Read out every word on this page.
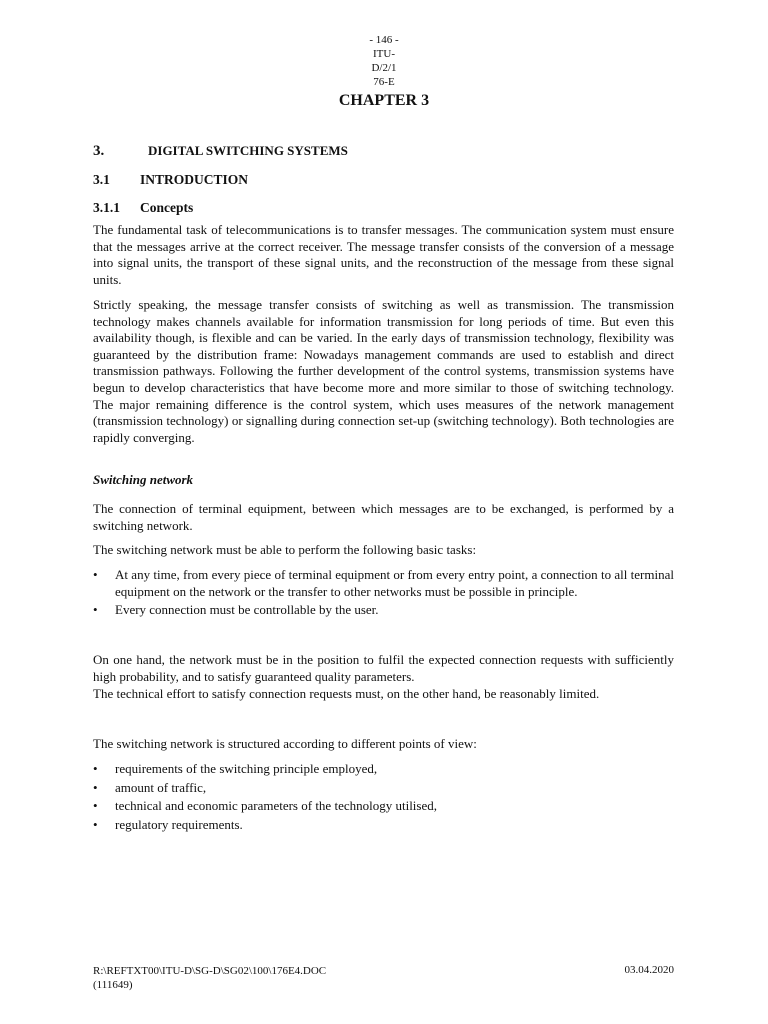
- 146 -
ITU-
D/2/1
76-E
CHAPTER 3
3.	DIGITAL SWITCHING SYSTEMS
3.1 INTRODUCTION
3.1.1 Concepts

The fundamental task of telecommunications is to transfer messages. The communication system must ensure that the messages arrive at the correct receiver. The message transfer consists of the conversion of a message into signal units, the transport of these signal units, and the reconstruction of the message from these signal units.

Strictly speaking, the message transfer consists of switching as well as transmission. The transmission technology makes channels available for information transmission for long periods of time. But even this availability though, is flexible and can be varied. In the early days of transmission technology, flexibility was guaranteed by the distribution frame: Nowadays management commands are used to establish and direct transmission pathways. Following the further development of the control systems, transmission systems have begun to develop characteristics that have become more and more similar to those of switching technology. The major remaining difference is the control system, which uses measures of the network management (transmission technology) or signalling during connection set-up (switching technology). Both technologies are rapidly converging.

Switching network

The connection of terminal equipment, between which messages are to be exchanged, is performed by a switching network.

The switching network must be able to perform the following basic tasks:

• At any time, from every piece of terminal equipment or from every entry point, a connection to all terminal equipment on the network or the transfer to other networks must be possible in principle.
• Every connection must be controllable by the user.

On one hand, the network must be in the position to fulfil the expected connection requests with sufficiently high probability, and to satisfy guaranteed quality parameters.

The technical effort to satisfy connection requests must, on the other hand, be reasonably limited.

The switching network is structured according to different points of view:

• requirements of the switching principle employed,
• amount of traffic,
• technical and economic parameters of the technology utilised,
• regulatory requirements.
R:\REFTXT00\ITU-D\SG-D\SG02\100\176E4.DOC
(111649)
03.04.2020
